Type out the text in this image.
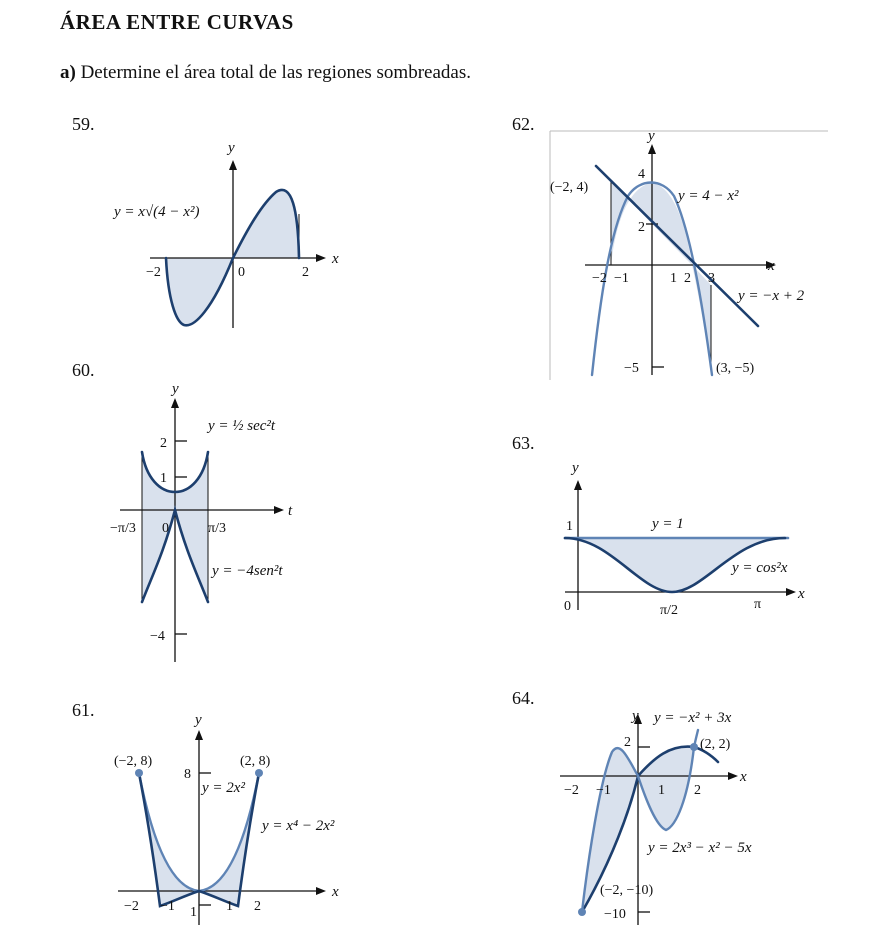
ÁREA ENTRE CURVAS
a) Determine el área total de las regiones sombreadas.
59.
60.
61.
62.
63.
64.
y
x
y = x√(4 − x²)
−2	0	2
y
t
y = ½ sec²t
y = −4sen²t
2
1
−4
−π/3 0	π/3
y
x
(−2, 8)	(2, 8)
8
y = 2x²
y = x⁴ − 2x²
−2 −1 1 1 2
y
x
(−2, 4)
4
y = 4 − x²
2
−2 −1	1 2 3
y = −x + 2
−5	(3, −5)
y
x
1	y = 1
y = cos²x
0	π/2	π
y y = −x² + 3x
2	(2, 2)
x
−2 −1	1 2
y = 2x³ − x² − 5x
(−2, −10)
−10
